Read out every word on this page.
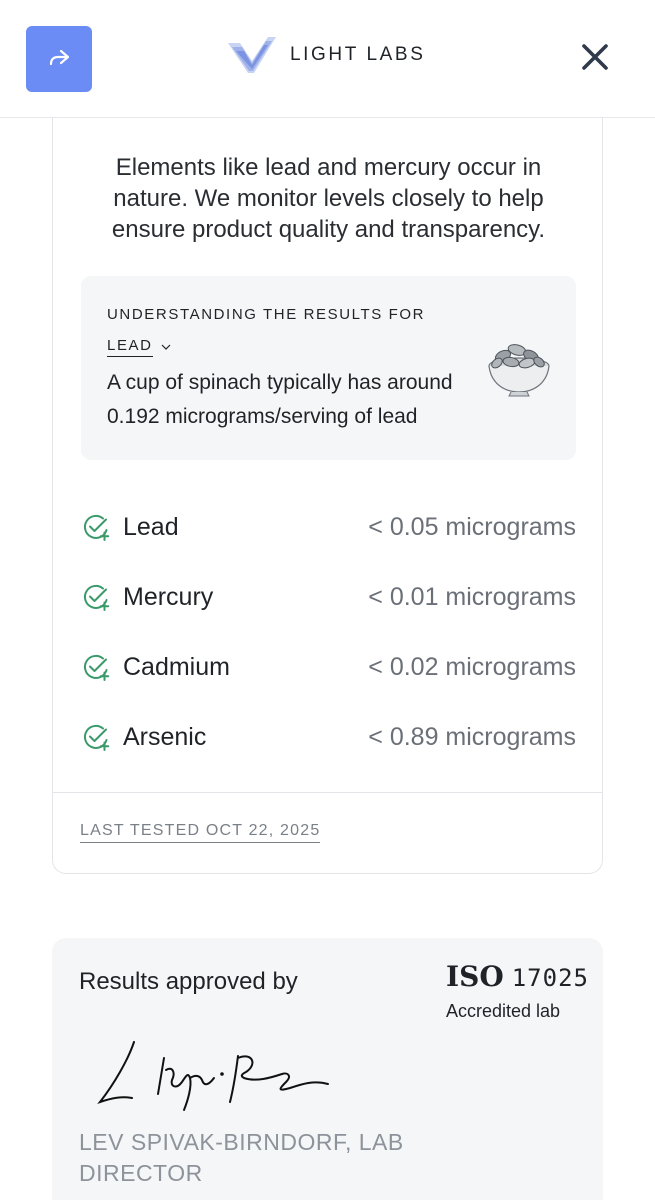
LIGHT LABS

Elements like lead and mercury occur in nature. We monitor levels closely to help ensure product quality and transparency.

UNDERSTANDING THE RESULTS FOR
LEAD
A cup of spinach typically has around 0.192 micrograms/serving of lead
Lead	< 0.05 micrograms
Mercury	< 0.01 micrograms
Cadmium	< 0.02 micrograms
Arsenic	< 0.89 micrograms
LAST TESTED OCT 22, 2025
Results approved by	ISO 17025
Accredited lab
LEV SPIVAK-BIRNDORF, LAB DIRECTOR
